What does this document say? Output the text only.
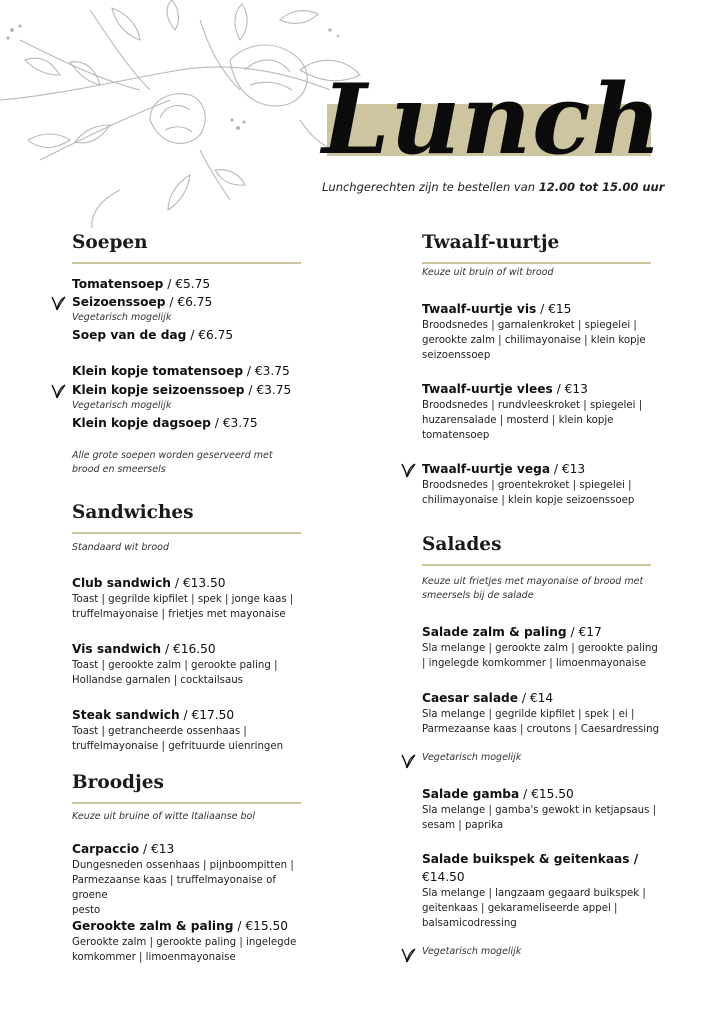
Lunch
Lunchgerechten zijn te bestellen van 12.00 tot 15.00 uur
Soepen
Tomatensoep / €5.75
Seizoenssoep / €6.75
Vegetarisch mogelijk
Soep van de dag / €6.75
Klein kopje tomatensoep / €3.75
Klein kopje seizoenssoep / €3.75
Vegetarisch mogelijk
Klein kopje dagsoep / €3.75
Alle grote soepen worden geserveerd met
brood en smeersels
Sandwiches
Standaard wit brood
Club sandwich / €13.50
Toast | gegrilde kipfilet | spek | jonge kaas |
truffelmayonaise | frietjes met mayonaise
Vis sandwich / €16.50
Toast | gerookte zalm | gerookte paling |
Hollandse garnalen | cocktailsaus
Steak sandwich / €17.50
Toast | getrancheerde ossenhaas |
truffelmayonaise | gefrituurde uienringen
Broodjes
Keuze uit bruine of witte Italiaanse bol
Carpaccio / €13
Dungesneden ossenhaas | pijnboompitten |
Parmezaanse kaas | truffelmayonaise of groene
pesto
Gerookte zalm & paling / €15.50
Gerookte zalm | gerookte paling | ingelegde
komkommer | limoenmayonaise
Twaalf-uurtje
Keuze uit bruin of wit brood
Twaalf-uurtje vis / €15
Broodsnedes | garnalenkroket | spiegelei |
gerookte zalm | chilimayonaise | klein kopje
seizoenssoep
Twaalf-uurtje vlees / €13
Broodsnedes | rundvleeskroket | spiegelei |
huzarensalade | mosterd | klein kopje
tomatensoep
Twaalf-uurtje vega / €13
Broodsnedes | groentekroket | spiegelei |
chilimayonaise | klein kopje seizoenssoep
Salades
Keuze uit frietjes met mayonaise of brood met
smeersels bij de salade
Salade zalm & paling / €17
Sla melange | gerookte zalm | gerookte paling
| ingelegde komkommer | limoenmayonaise
Caesar salade / €14
Sla melange | gegrilde kipfilet | spek | ei |
Parmezaanse kaas | croutons | Caesardressing
Vegetarisch mogelijk
Salade gamba / €15.50
Sla melange | gamba's gewokt in ketjapsaus |
sesam | paprika
Salade buikspek & geitenkaas /
€14.50
Sla melange | langzaam gegaard buikspek |
geitenkaas | gekarameliseerde appel |
balsamicodressing
Vegetarisch mogelijk
